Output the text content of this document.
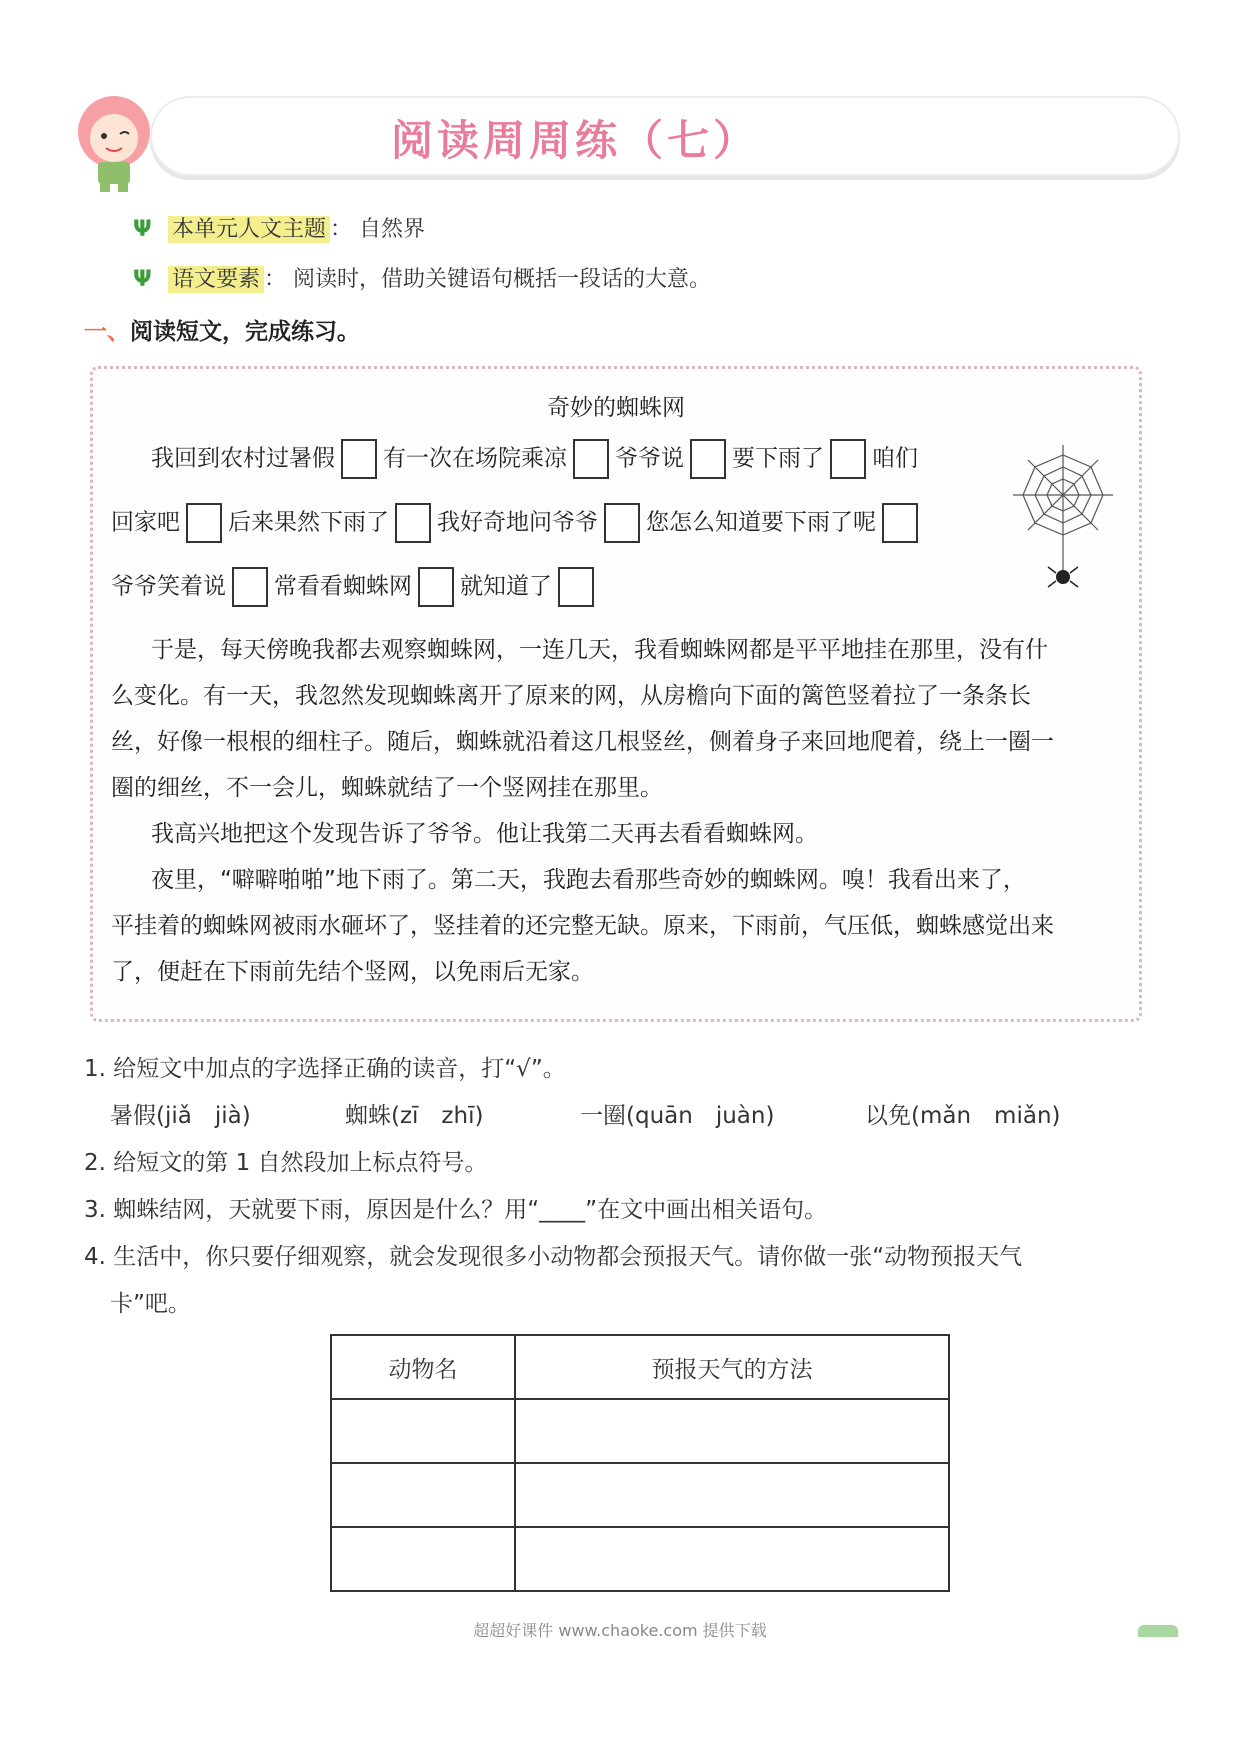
阅读周周练（七）
Ψ 本单元人文主题 ： 自然界
Ψ 语文要素 ： 阅读时，借助关键语句概括一段话的大意。
一、阅读短文，完成练习。
奇妙的蜘蛛网
我回到农村过暑假 有一次在场院乘凉 爷爷说 要下雨了 咱们
回家吧 后来果然下雨了 我好奇地问爷爷 您怎么知道要下雨了呢
爷爷笑着说 常看看蜘蛛网 就知道了
于是，每天傍晚我都去观察蜘蛛网，一连几天，我看蜘蛛网都是平平地挂在那里，没有什
么变化。有一天，我忽然发现蜘蛛离开了原来的网，从房檐向下面的篱笆竖着拉了一条条长
丝，好像一根根的细柱子。随后，蜘蛛就沿着这几根竖丝，侧着身子来回地爬着，绕上一圈一
圈的细丝，不一会儿，蜘蛛就结了一个竖网挂在那里。
我高兴地把这个发现告诉了爷爷。他让我第二天再去看看蜘蛛网。
夜里，“噼噼啪啪”地下雨了。第二天，我跑去看那些奇妙的蜘蛛网。嗅！我看出来了，
平挂着的蜘蛛网被雨水砸坏了，竖挂着的还完整无缺。原来，下雨前，气压低，蜘蛛感觉出来
了，便赶在下雨前先结个竖网，以免雨后无家。
1. 给短文中加点的字选择正确的读音，打“√”。
暑假(jiǎ　jià)	蜘蛛(zī　zhī)	一圈(quān　juàn)	以免(mǎn　miǎn)
2. 给短文的第 1 自然段加上标点符号。
3. 蜘蛛结网，天就要下雨，原因是什么？用“____”在文中画出相关语句。
4. 生活中，你只要仔细观察，就会发现很多小动物都会预报天气。请你做一张“动物预报天气
卡”吧。
动物名	预报天气的方法

超超好课件 www.chaoke.com 提供下载
